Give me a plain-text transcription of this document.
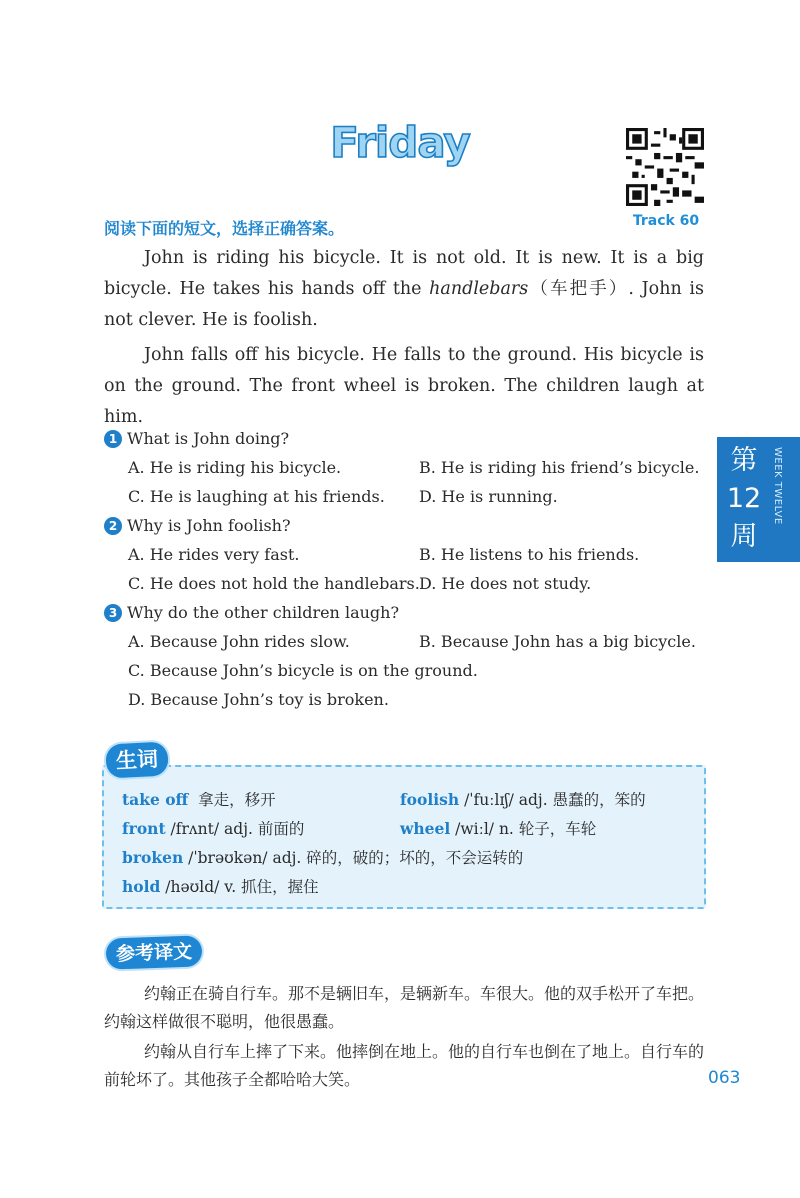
Friday
Track 60
阅读下面的短文，选择正确答案。

John is riding his bicycle. It is not old. It is new. It is a big bicycle. He takes his hands off the handlebars（车把手）. John is not clever. He is foolish.

John falls off his bicycle. He falls to the ground. His bicycle is on the ground. The front wheel is broken. The children laugh at him.

1 What is John doing?
A. He is riding his bicycle.	B. He is riding his friend’s bicycle.
C. He is laughing at his friends. D. He is running.
2 Why is John foolish?
A. He rides very fast.	B. He listens to his friends.
C. He does not hold the handlebars. D. He does not study.
3 Why do the other children laugh?
A. Because John rides slow.	B. Because John has a big bicycle.
C. Because John’s bicycle is on the ground.
D. Because John’s toy is broken.
第12周
WEEK TWELVE
生词
take off 拿走，移开	foolish /ˈfuːlɪʃ/ adj. 愚蠢的，笨的
front /frʌnt/ adj. 前面的	wheel /wiːl/ n. 轮子，车轮
broken /ˈbrəʊkən/ adj. 碎的，破的；坏的，不会运转的
hold /həʊld/ v. 抓住，握住
参考译文

约翰正在骑自行车。那不是辆旧车，是辆新车。车很大。他的双手松开了车把。约翰这样做很不聪明，他很愚蠢。

约翰从自行车上摔了下来。他摔倒在地上。他的自行车也倒在了地上。自行车的前轮坏了。其他孩子全都哈哈大笑。	063
